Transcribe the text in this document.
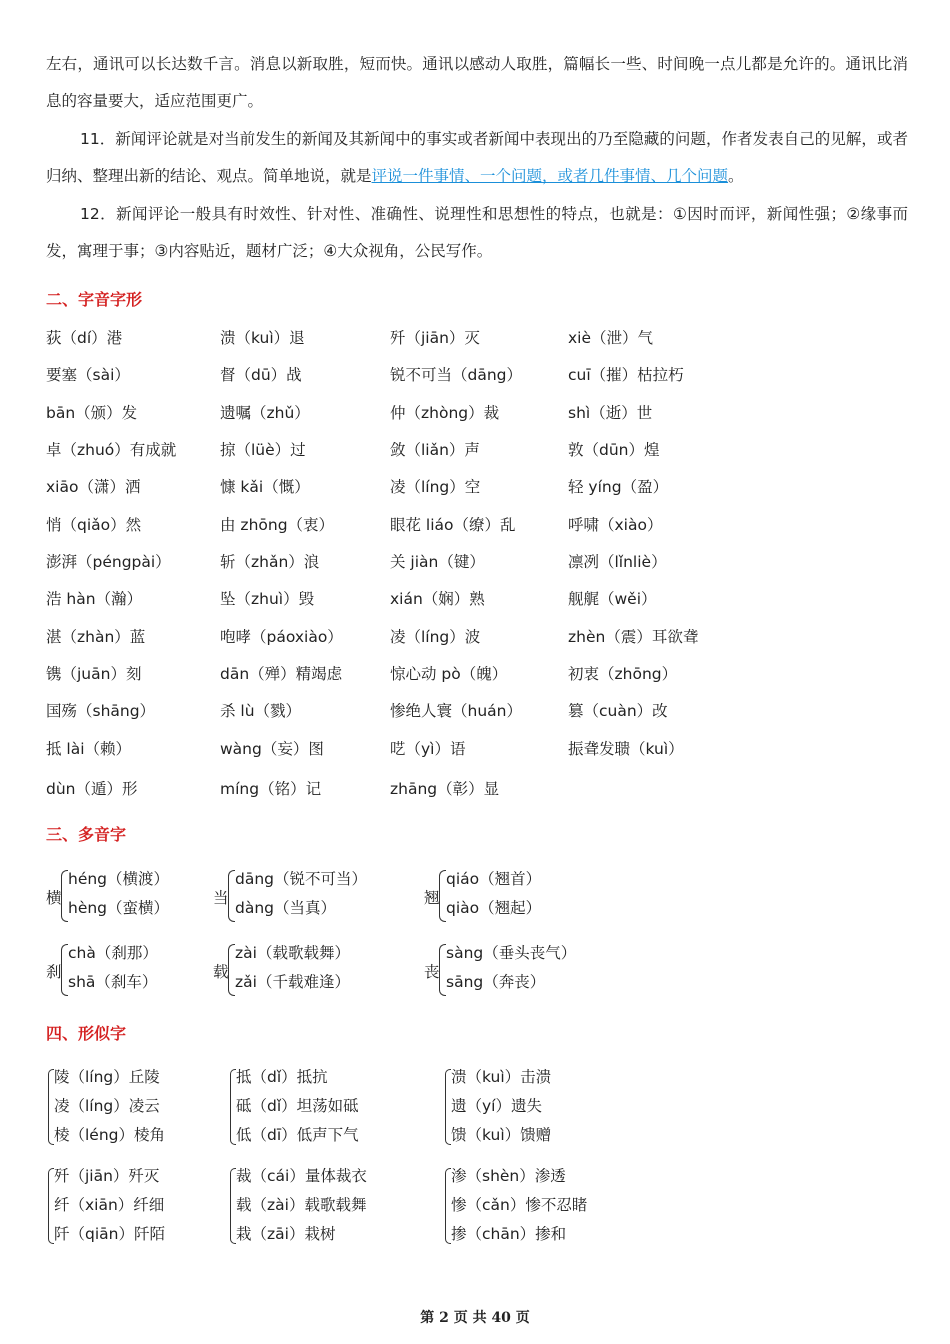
左右，通讯可以长达数千言。消息以新取胜，短而快。通讯以感动人取胜，篇幅长一些、时间晚一点儿都是允许的。通讯比消息的容量要大，适应范围更广。
11．新闻评论就是对当前发生的新闻及其新闻中的事实或者新闻中表现出的乃至隐藏的问题，作者发表自己的见解，或者归纳、整理出新的结论、观点。简单地说，就是评说一件事情、一个问题，或者几件事情、几个问题。
12．新闻评论一般具有时效性、针对性、准确性、说理性和思想性的特点，也就是：①因时而评，新闻性强；②缘事而发，寓理于事；③内容贴近，题材广泛；④大众视角，公民写作。
二、字音字形
荻（dí）港	溃（kuì）退	歼（jiān）灭	xiè（泄）气
要塞（sài）	督（dū）战	锐不可当（dāng）	cuī（摧）枯拉朽
bān（颁）发	遗嘱（zhǔ）	仲（zhòng）裁	shì（逝）世
卓（zhuó）有成就	掠（lüè）过	敛（liǎn）声	敦（dūn）煌
xiāo（潇）洒	慷 kǎi（慨）	凌（líng）空	轻 yíng（盈）
悄（qiǎo）然	由 zhōng（衷）	眼花 liáo（缭）乱	呼啸（xiào）
澎湃（péngpài）	斩（zhǎn）浪	关 jiàn（键）	凛冽（lǐnliè）
浩 hàn（瀚）	坠（zhuì）毁	xián（娴）熟	舰艉（wěi）
湛（zhàn）蓝	咆哮（páoxiào）	凌（líng）波	zhèn（震）耳欲聋
镌（juān）刻	dān（殚）精竭虑	惊心动 pò（魄）	初衷（zhōng）
国殇（shāng）	杀 lù（戮）	惨绝人寰（huán）	篡（cuàn）改
抵 lài（赖）	wàng（妄）图	呓（yì）语	振聋发聩（kuì）
dùn（遁）形	míng（铭）记	zhāng（彰）显
三、多音字
横
héng（横渡）
hèng（蛮横）
当
dāng（锐不可当）
dàng（当真）
翘
qiáo（翘首）
qiào（翘起）
刹
chà（刹那）
shā（刹车）
载
zài（载歌载舞）
zǎi（千载难逢）
丧
sàng（垂头丧气）
sāng（奔丧）
四、形似字
陵（líng）丘陵
凌（líng）凌云
棱（léng）棱角
抵（dǐ）抵抗
砥（dǐ）坦荡如砥
低（dī）低声下气
溃（kuì）击溃
遗（yí）遗失
馈（kuì）馈赠
歼（jiān）歼灭
纤（xiān）纤细
阡（qiān）阡陌
裁（cái）量体裁衣
载（zài）载歌载舞
栽（zāi）栽树
渗（shèn）渗透
惨（cǎn）惨不忍睹
掺（chān）掺和
第 2 页 共 40 页
